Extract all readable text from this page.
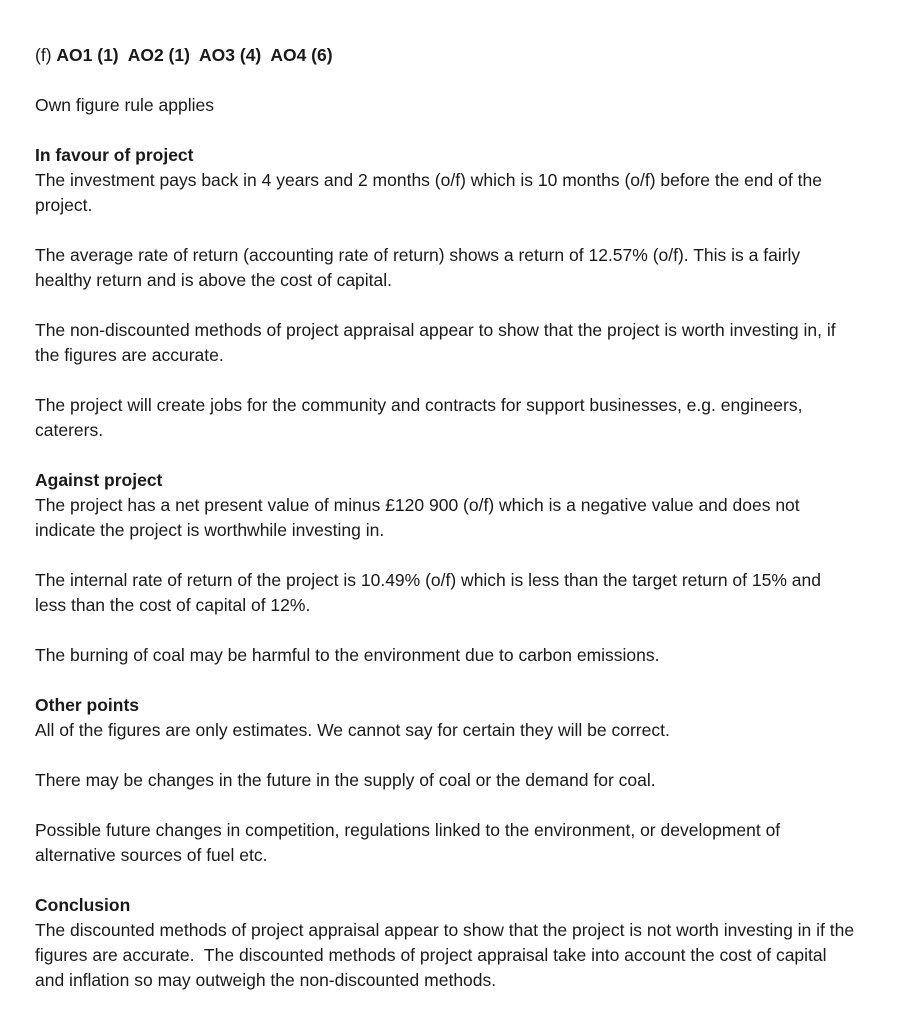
(f) AO1 (1)  AO2 (1)  AO3 (4)  AO4 (6)

Own figure rule applies

In favour of project
The investment pays back in 4 years and 2 months (o/f) which is 10 months (o/f) before the end of the project.

The average rate of return (accounting rate of return) shows a return of 12.57% (o/f). This is a fairly healthy return and is above the cost of capital.

The non-discounted methods of project appraisal appear to show that the project is worth investing in, if the figures are accurate.

The project will create jobs for the community and contracts for support businesses, e.g. engineers, caterers.

Against project
The project has a net present value of minus £120 900 (o/f) which is a negative value and does not indicate the project is worthwhile investing in.

The internal rate of return of the project is 10.49% (o/f) which is less than the target return of 15% and less than the cost of capital of 12%.

The burning of coal may be harmful to the environment due to carbon emissions.

Other points
All of the figures are only estimates. We cannot say for certain they will be correct.

There may be changes in the future in the supply of coal or the demand for coal.

Possible future changes in competition, regulations linked to the environment, or development of alternative sources of fuel etc.

Conclusion
The discounted methods of project appraisal appear to show that the project is not worth investing in if the figures are accurate.  The discounted methods of project appraisal take into account the cost of capital and inflation so may outweigh the non-discounted methods.
